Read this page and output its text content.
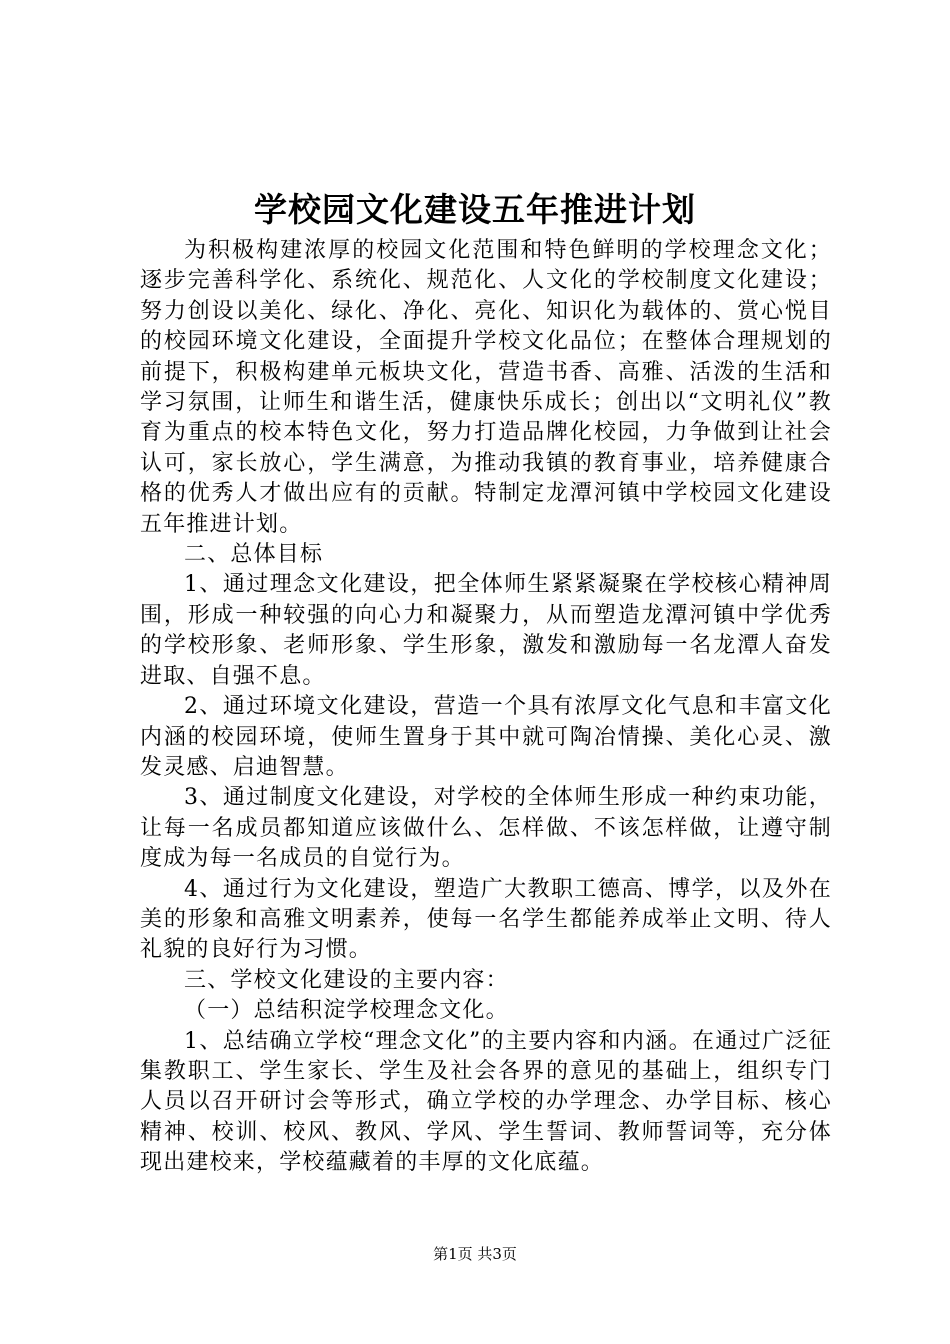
学校园文化建设五年推进计划

为积极构建浓厚的校园文化范围和特色鲜明的学校理念文化；逐步完善科学化、系统化、规范化、人文化的学校制度文化建设；努力创设以美化、绿化、净化、亮化、知识化为载体的、赏心悦目的校园环境文化建设，全面提升学校文化品位；在整体合理规划的前提下，积极构建单元板块文化，营造书香、高雅、活泼的生活和学习氛围，让师生和谐生活，健康快乐成长；创出以“文明礼仪”教育为重点的校本特色文化，努力打造品牌化校园，力争做到让社会认可，家长放心，学生满意，为推动我镇的教育事业，培养健康合格的优秀人才做出应有的贡献。特制定龙潭河镇中学校园文化建设五年推进计划。

二、总体目标

1、通过理念文化建设，把全体师生紧紧凝聚在学校核心精神周围，形成一种较强的向心力和凝聚力，从而塑造龙潭河镇中学优秀的学校形象、老师形象、学生形象，激发和激励每一名龙潭人奋发进取、自强不息。

2、通过环境文化建设，营造一个具有浓厚文化气息和丰富文化内涵的校园环境，使师生置身于其中就可陶冶情操、美化心灵、激发灵感、启迪智慧。

3、通过制度文化建设，对学校的全体师生形成一种约束功能，让每一名成员都知道应该做什么、怎样做、不该怎样做，让遵守制度成为每一名成员的自觉行为。

4、通过行为文化建设，塑造广大教职工德高、博学，以及外在美的形象和高雅文明素养，使每一名学生都能养成举止文明、待人礼貌的良好行为习惯。

三、学校文化建设的主要内容：

（一）总结积淀学校理念文化。

1、总结确立学校“理念文化”的主要内容和内涵。在通过广泛征集教职工、学生家长、学生及社会各界的意见的基础上，组织专门人员以召开研讨会等形式，确立学校的办学理念、办学目标、核心精神、校训、校风、教风、学风、学生誓词、教师誓词等，充分体现出建校来，学校蕴藏着的丰厚的文化底蕴。

第1页 共3页
